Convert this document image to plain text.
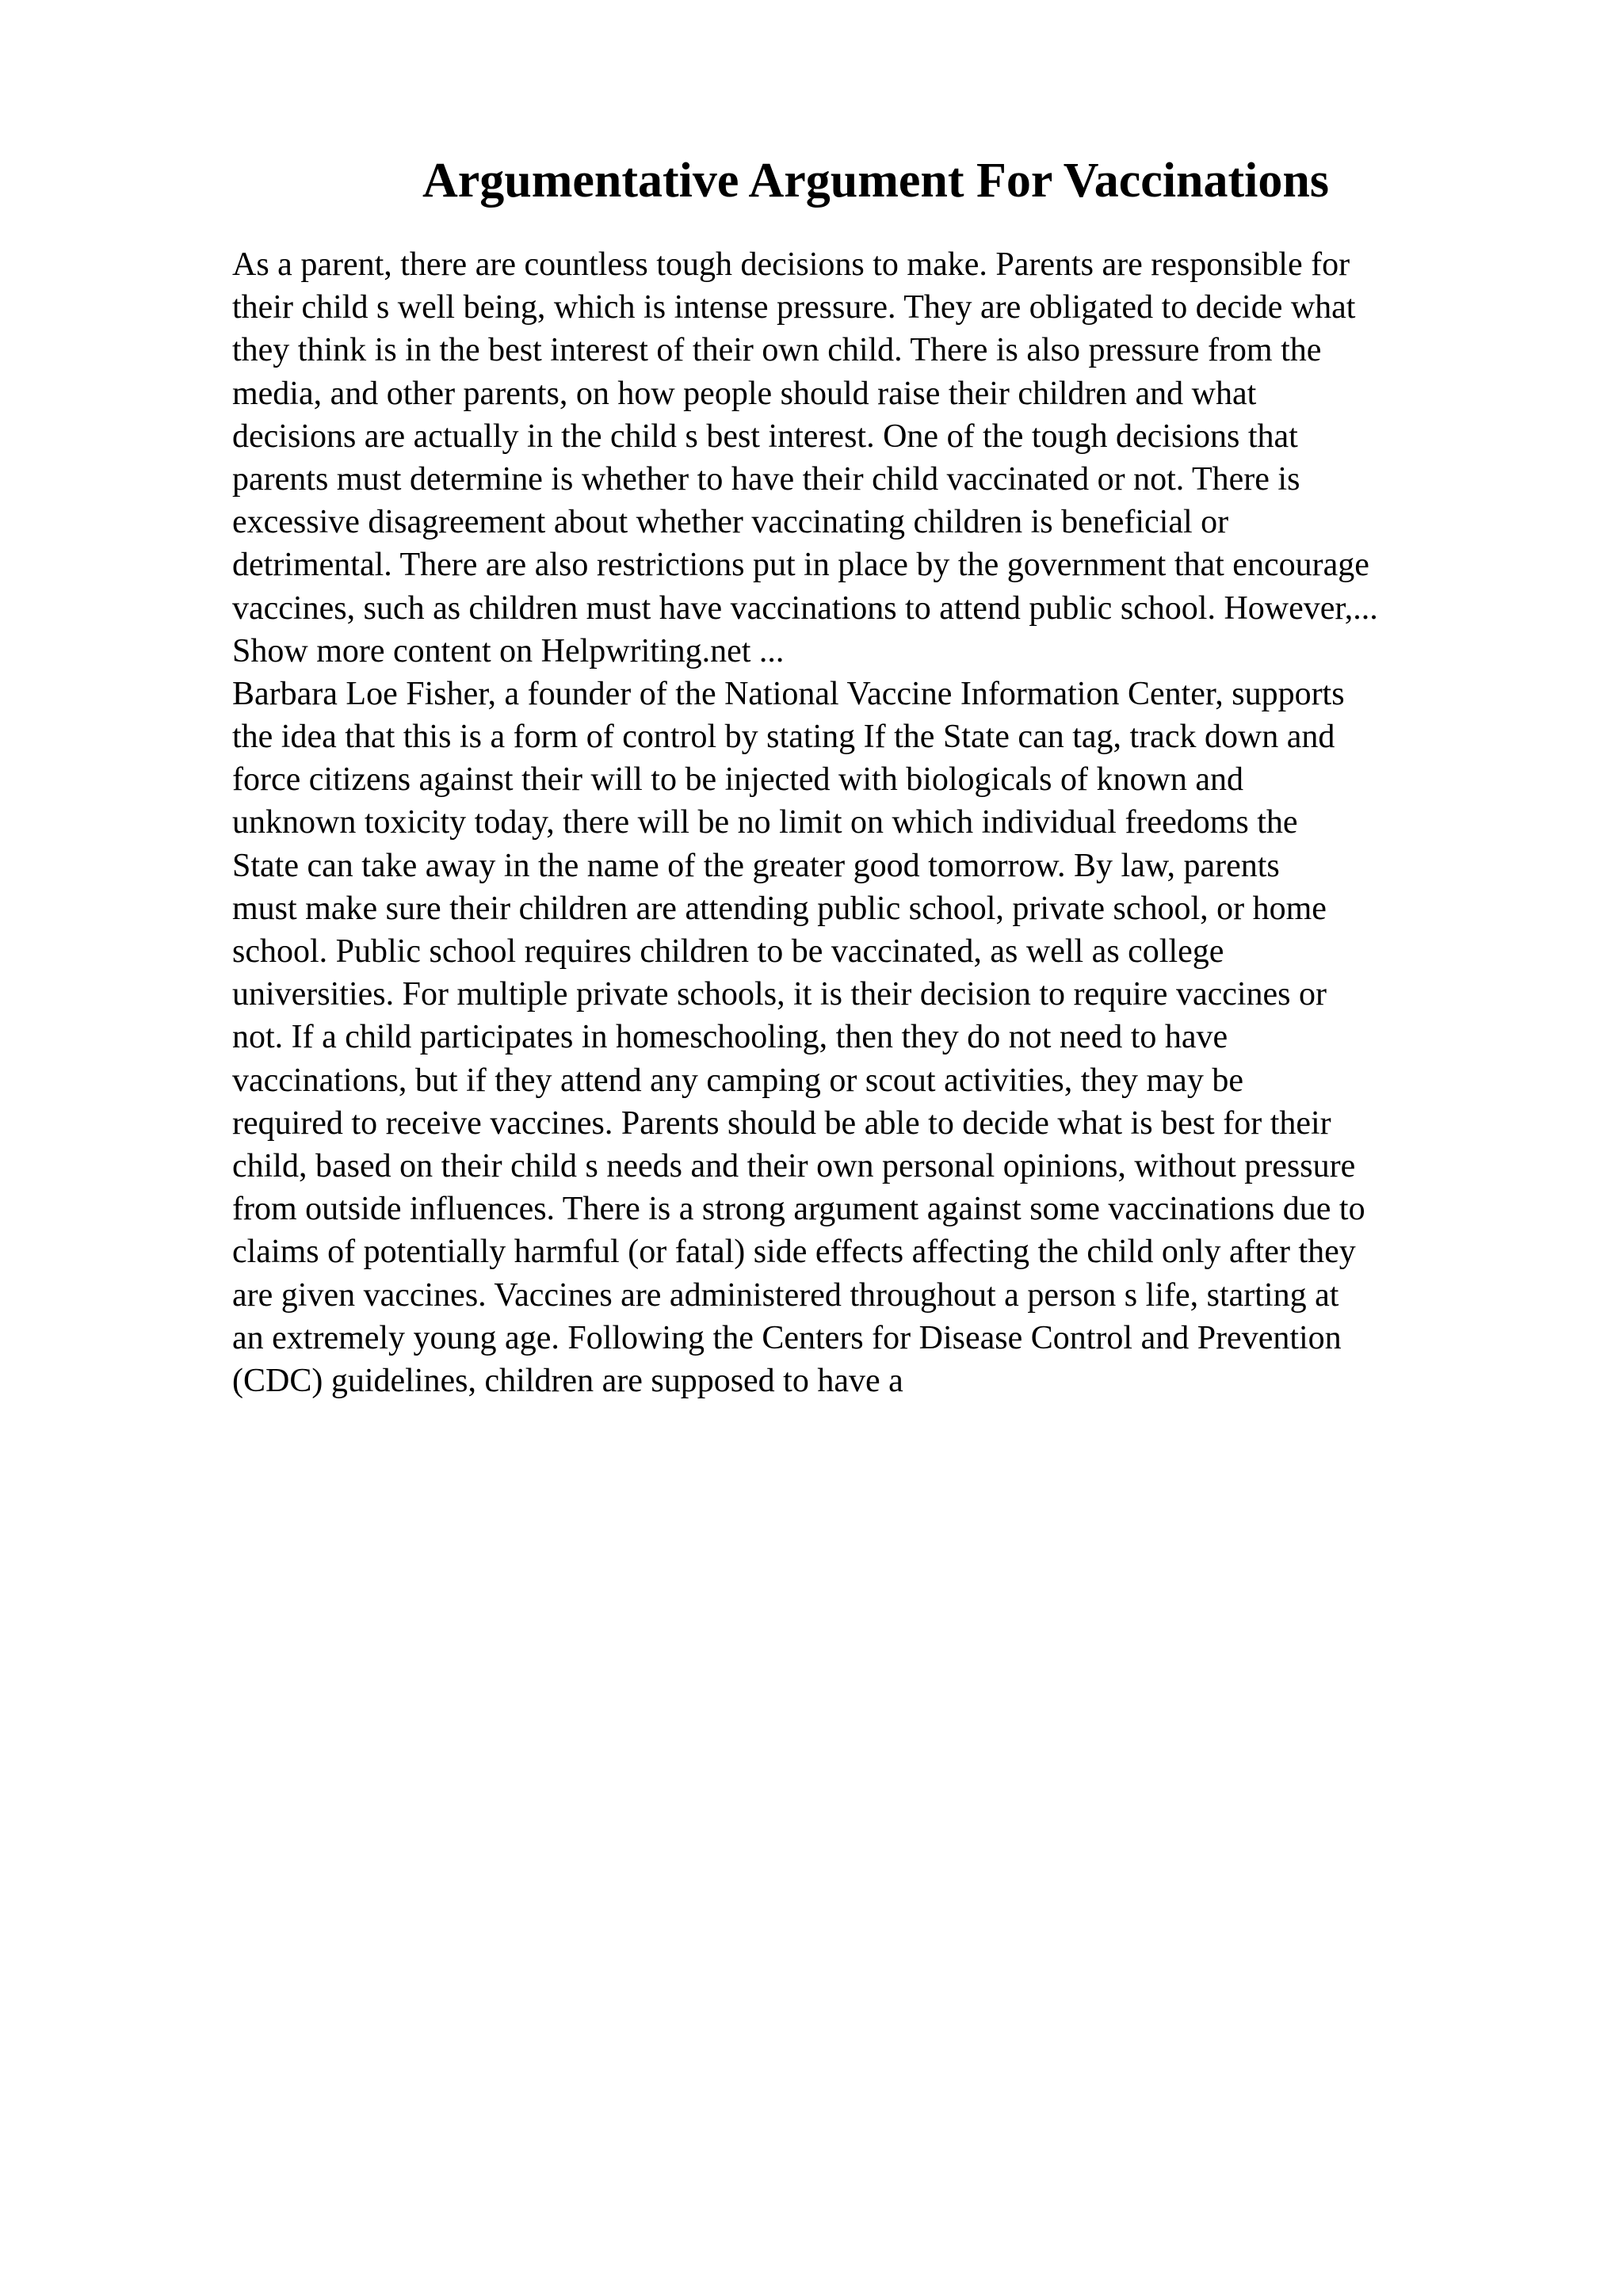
Argumentative Argument For Vaccinations
As a parent, there are countless tough decisions to make. Parents are responsible for
their child s well being, which is intense pressure. They are obligated to decide what
they think is in the best interest of their own child. There is also pressure from the
media, and other parents, on how people should raise their children and what
decisions are actually in the child s best interest. One of the tough decisions that
parents must determine is whether to have their child vaccinated or not. There is
excessive disagreement about whether vaccinating children is beneficial or
detrimental. There are also restrictions put in place by the government that encourage
vaccines, such as children must have vaccinations to attend public school. However,...
Show more content on Helpwriting.net ...
Barbara Loe Fisher, a founder of the National Vaccine Information Center, supports
the idea that this is a form of control by stating If the State can tag, track down and
force citizens against their will to be injected with biologicals of known and
unknown toxicity today, there will be no limit on which individual freedoms the
State can take away in the name of the greater good tomorrow. By law, parents
must make sure their children are attending public school, private school, or home
school. Public school requires children to be vaccinated, as well as college
universities. For multiple private schools, it is their decision to require vaccines or
not. If a child participates in homeschooling, then they do not need to have
vaccinations, but if they attend any camping or scout activities, they may be
required to receive vaccines. Parents should be able to decide what is best for their
child, based on their child s needs and their own personal opinions, without pressure
from outside influences. There is a strong argument against some vaccinations due to
claims of potentially harmful (or fatal) side effects affecting the child only after they
are given vaccines. Vaccines are administered throughout a person s life, starting at
an extremely young age. Following the Centers for Disease Control and Prevention
(CDC) guidelines, children are supposed to have a
